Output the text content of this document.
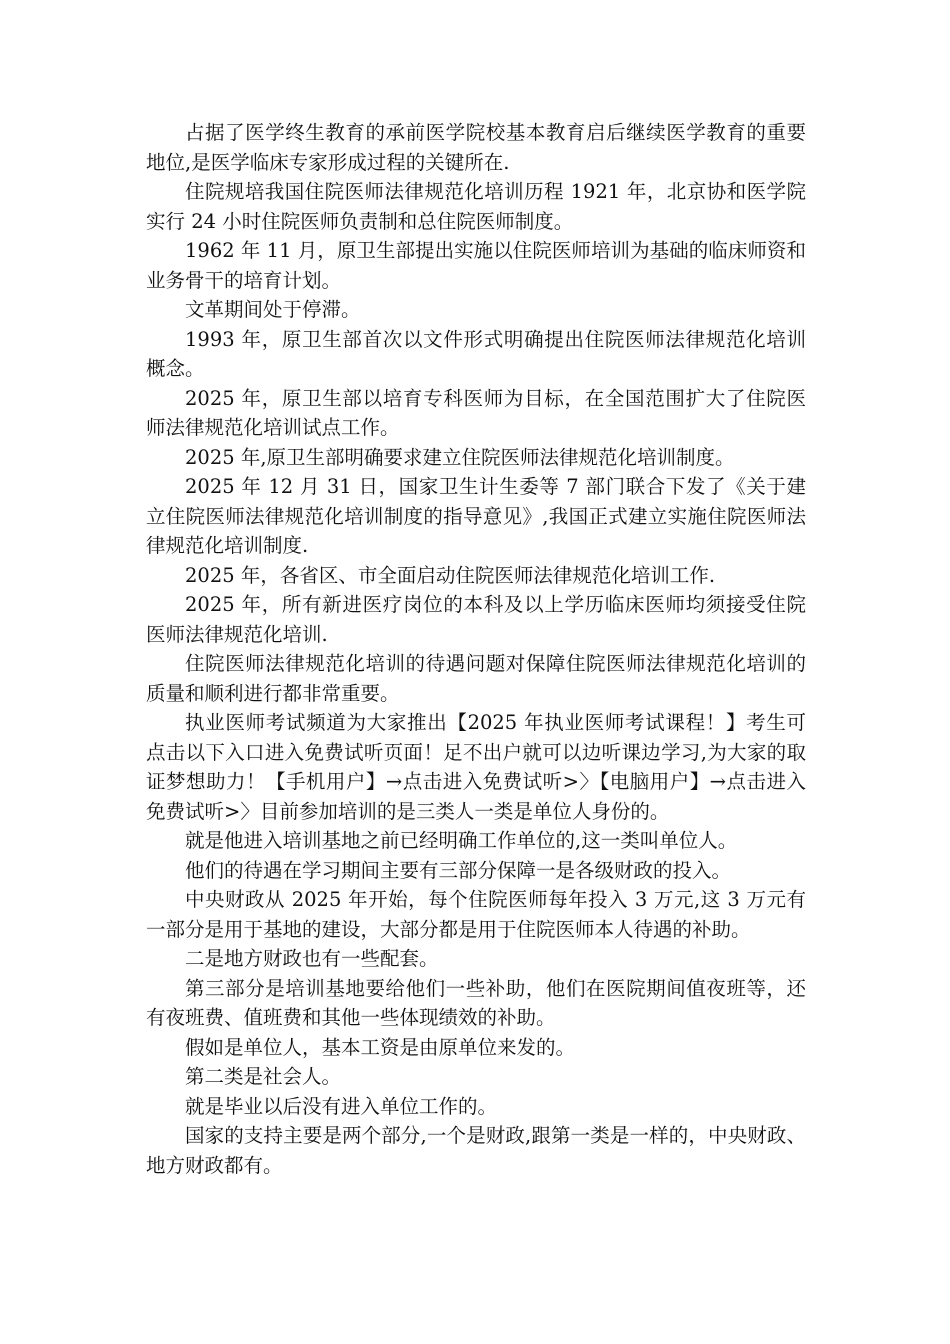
占据了医学终生教育的承前医学院校基本教育启后继续医学教育的重要地位,是医学临床专家形成过程的关键所在.

住院规培我国住院医师法律规范化培训历程 1921 年，北京协和医学院实行 24 小时住院医师负责制和总住院医师制度。

1962 年 11 月，原卫生部提出实施以住院医师培训为基础的临床师资和业务骨干的培育计划。

文革期间处于停滞。

1993 年，原卫生部首次以文件形式明确提出住院医师法律规范化培训概念。

2025 年，原卫生部以培育专科医师为目标，在全国范围扩大了住院医师法律规范化培训试点工作。

2025 年,原卫生部明确要求建立住院医师法律规范化培训制度。

2025 年 12 月 31 日，国家卫生计生委等 7 部门联合下发了《关于建立住院医师法律规范化培训制度的指导意见》,我国正式建立实施住院医师法律规范化培训制度.

2025 年，各省区、市全面启动住院医师法律规范化培训工作.

2025 年，所有新进医疗岗位的本科及以上学历临床医师均须接受住院医师法律规范化培训.

住院医师法律规范化培训的待遇问题对保障住院医师法律规范化培训的质量和顺利进行都非常重要。

执业医师考试频道为大家推出【2025 年执业医师考试课程！】考生可点击以下入口进入免费试听页面！足不出户就可以边听课边学习,为大家的取证梦想助力！【手机用户】→点击进入免费试听>〉【电脑用户】→点击进入免费试听>〉目前参加培训的是三类人一类是单位人身份的。

就是他进入培训基地之前已经明确工作单位的,这一类叫单位人。

他们的待遇在学习期间主要有三部分保障一是各级财政的投入。

中央财政从 2025 年开始，每个住院医师每年投入 3 万元,这 3 万元有一部分是用于基地的建设，大部分都是用于住院医师本人待遇的补助。

二是地方财政也有一些配套。

第三部分是培训基地要给他们一些补助，他们在医院期间值夜班等，还有夜班费、值班费和其他一些体现绩效的补助。

假如是单位人，基本工资是由原单位来发的。

第二类是社会人。

就是毕业以后没有进入单位工作的。

国家的支持主要是两个部分,一个是财政,跟第一类是一样的，中央财政、地方财政都有。
